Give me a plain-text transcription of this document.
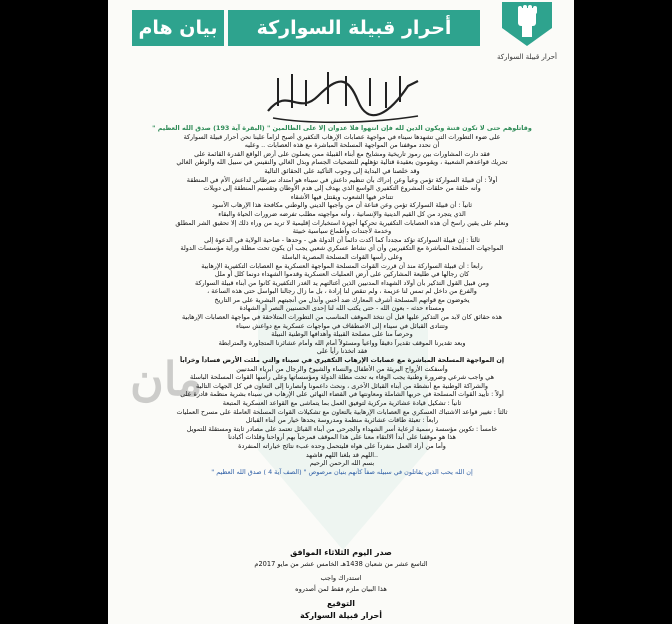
بيان هام	أحرار قبيلة السواركة
أحرار قبيلة السواركة
مان
بسم الله الرحمن الرحيم
وقاتلوهم حتى لا تكون فتنة ويكون الدين لله فإن انتهوا فلا عدوان إلا على الظالمين " (البقرة آية 193) صدق الله العظيم "
على ضوء التطورات التي تشهدها سيناء في مواجهة عصابات الإرهاب التكفيري أصبح لزاماً علينا نحن أحرار قبيلة السواركة
أن نحدد موقفنا من المواجهة المسلحة المباشرة مع هذه العصابات .. وعليه
فقد دارت المشاورات بين رموز تاريخية ومشايخ مع أبناء القبيلة ممن يعملون على أرض الواقع القدرة القائمة على
تحريك قواعدهم الشعبية ، ويقومون بعقيدة قتالية تؤهلهم للتضحيات الجسام وبذل الغالي والنفيس في سبيل الله والوطن الغالي
وقد خلصنا في البداية إلى وجوب التأكيد على الحقائق التالية
أولاً : أن قبيلة السواركة تؤمن وعياً وعن إدراك بأن تنظيم داعش في سيناء هو امتداد سرطاني لداعش الأم في المنطقة
وأنه حلقة من حلقات المشروع التكفيري الواسع الذي يهدف إلى هدم الأوطان وتقسيم المنطقة إلى دويلات
تتناحر فيها الشعوب ويقتتل فيها الأشقاء
ثانياً : أن قبيلة السواركة تؤمن وعن قناعة أن من واجبها الديني والوطني مكافحة هذا الإرهاب الأسود
الذي يتجرد من كل القيم الدينية والإنسانية ، وأنه مواجهته مطلب تفرضه ضرورات الحياة والبقاء
ونعلم على يقين راسخ أن هذه العصابات التكفيرية تحركها أجهزة استخبارات إقليمية لا تريد من وراء ذلك إلا تحقيق الشر المطلق
وخدمة لأجندات وأطماع سياسية خبيثة
ثالثاً : إن قبيلة السواركة تؤكد مجدداً كما أكدت دائماً أن الدولة هي - وحدها - صاحبة الولاية في الدعوة إلى
المواجهات المسلحة المباشرة مع التكفيريين وأن أي نشاط عسكري شعبي يجب أن يكون تحت مظلة وراية مؤسسات الدولة
وعلى رأسها القوات المسلحة المصرية الباسلة
رابعاً : أن قبيلة السواركة منذ أن قررت القوات المسلحة المواجهة العسكرية مع العصابات التكفيرية الإرهابية
كان رجالها في طليعة المشاركين على أرض العمليات العسكرية وقدموا الشهداء دونما كلل أو ملل
ومن قبيل القول التذكير بأن أولاد الشهداء المدنيين الذين أغتالتهم يد الغدر التكفيرية كانوا من أبناء قبيلة السواركة
والفرع من داخل لم تمس لنا عزيمة ، ولم تنقص لنا إرادة ، بل ما زال رجالنا البواسل حتى هذه الساعة ،
يخوضون مع قواتهم المسلحة أشرف المعارك ضد أخس وأنذل من أنجبتهم البشرية على مر التاريخ
ومستاء حدثه - بعون الله - حتى يكتب الله لنا إحدى الحسنيين النصر أو الشهادة
هذه حقائق كان لابد من التذكير عليها قبل أن نتخذ الموقف المناسب من التطورات المتلاحقة في مواجهة العصابات الإرهابية
وتتنادى القبائل في سيناء إلى الاصطفاف في مواجهات عسكرية مع دواعش سيناء
وحرصاً منا على مصلحة القبيلة وأهدافها الوطنية النبيلة
وبعد تقديرنا الموقف تقديراً دقيقاً وواعياً ومسئولاً أمام الله وأمام عشائرنا المتجاورة والمترابطة
فقد اتخذنا رأياً على
إن المواجهة المسلحة المباشرة مع عصابات الإرهاب التكفيري في سيناء والتي ملئت الأرض فساداً وخراباً
وأسفكت الأرواح البريئة من الأطفال والنساء والشيوخ والرجال من أبرياء المدنيين
هي واجب شرعي وضرورة وطنية يجب الوفاء به تحت مظلة الدولة ومؤسساتها وعلى رأسها القوات المسلحة الباسلة
والشراكة الوطنية مع أنشطة من أبناء القبائل الأخرى ، ونحث داعمونا وأنصارنا إلى التعاون في كل الجهات التالية
أولاً : تأييد القوات المسلحة في حربها الشاملة ومعاونتها في القضاء النهائي على الإرهاب في سيناء بشرية منظمة قادرة على
ثانياً : تشكيل قيادة عشائرية مركزية لتوفيق العمل بما يتماشى مع القواعد العسكرية المتبعة
ثالثاً : تغيير قواعد الاشتباك العسكري مع العصابات الإرهابية بالتعاون مع تشكيلات القوات المسلحة العاملة على مسرح العمليات
رابعاً : تعبئة طاقات عشائرية منظمة ومدروسة يحدها خيار من أبناء القبائل
خامساً : تكوين مؤسسة رسمية لرعاية أسر الشهداء والجرحى من أبناء القبائل تعتمد على مصادر ثابتة ومستقلة للتمويل
هذا هو موقفنا على أبدأ الالتقاء معنا على هذا الموقف فمرحباً بهم أرواحنا وفلذات أكبادنا
وأما من أراد العمل منفرداً على هواه فليتحمل وحده عبء نتائج خياراته المنفردة
..اللهم قد بلغنا اللهم فاشهد
بسم الله الرحمن الرحيم
إن الله يحب الذين يقاتلون في سبيله صفاً كأنهم بنيان مرصوص " (الصف آية 4 ) صدق الله العظيم "
صدر اليوم الثلاثاء الموافق
التاسع عشر من شعبان 1438هـ الخامس عشر من مايو 2017م
استدراك واجب
هذا البيان ملزم فقط لمن أصدروه
التوقيع
أحرار قبيلة السواركة
